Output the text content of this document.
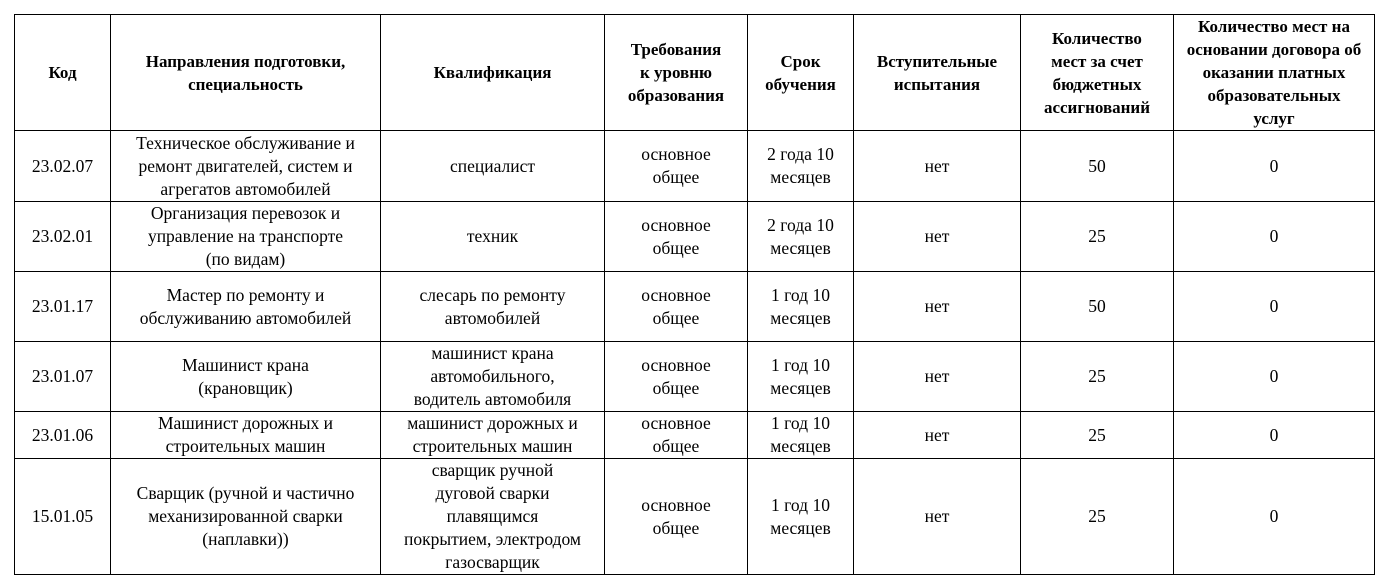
Код	Направления подготовки,
специальность	Квалификация	Требования
к уровню
образования	Срок
обучения	Вступительные
испытания	Количество
мест за счет
бюджетных
ассигнований	Количество мест на
основании договора об
оказании платных
образовательных
услуг

23.02.07	Техническое обслуживание и
ремонт двигателей, систем и
агрегатов автомобилей	специалист	основное
общее	2 года 10
месяцев	нет	50	0

23.02.01	Организация перевозок и
управление на транспорте
(по видам)	техник	основное
общее	2 года 10
месяцев	нет	25	0

23.01.17	Мастер по ремонту и
обслуживанию автомобилей	слесарь по ремонту
автомобилей	основное
общее	1 год 10
месяцев	нет	50	0

23.01.07	Машинист крана
(крановщик)	машинист крана
автомобильного,
водитель автомобиля	основное
общее	1 год 10
месяцев	нет	25	0

23.01.06	Машинист дорожных и
строительных машин	машинист дорожных и
строительных машин	основное
общее	1 год 10
месяцев	нет	25	0

15.01.05	Сварщик (ручной и частично
механизированной сварки
(наплавки))	сварщик ручной
дуговой сварки
плавящимся
покрытием, электродом
газосварщик	основное
общее	1 год 10
месяцев	нет	25	0
